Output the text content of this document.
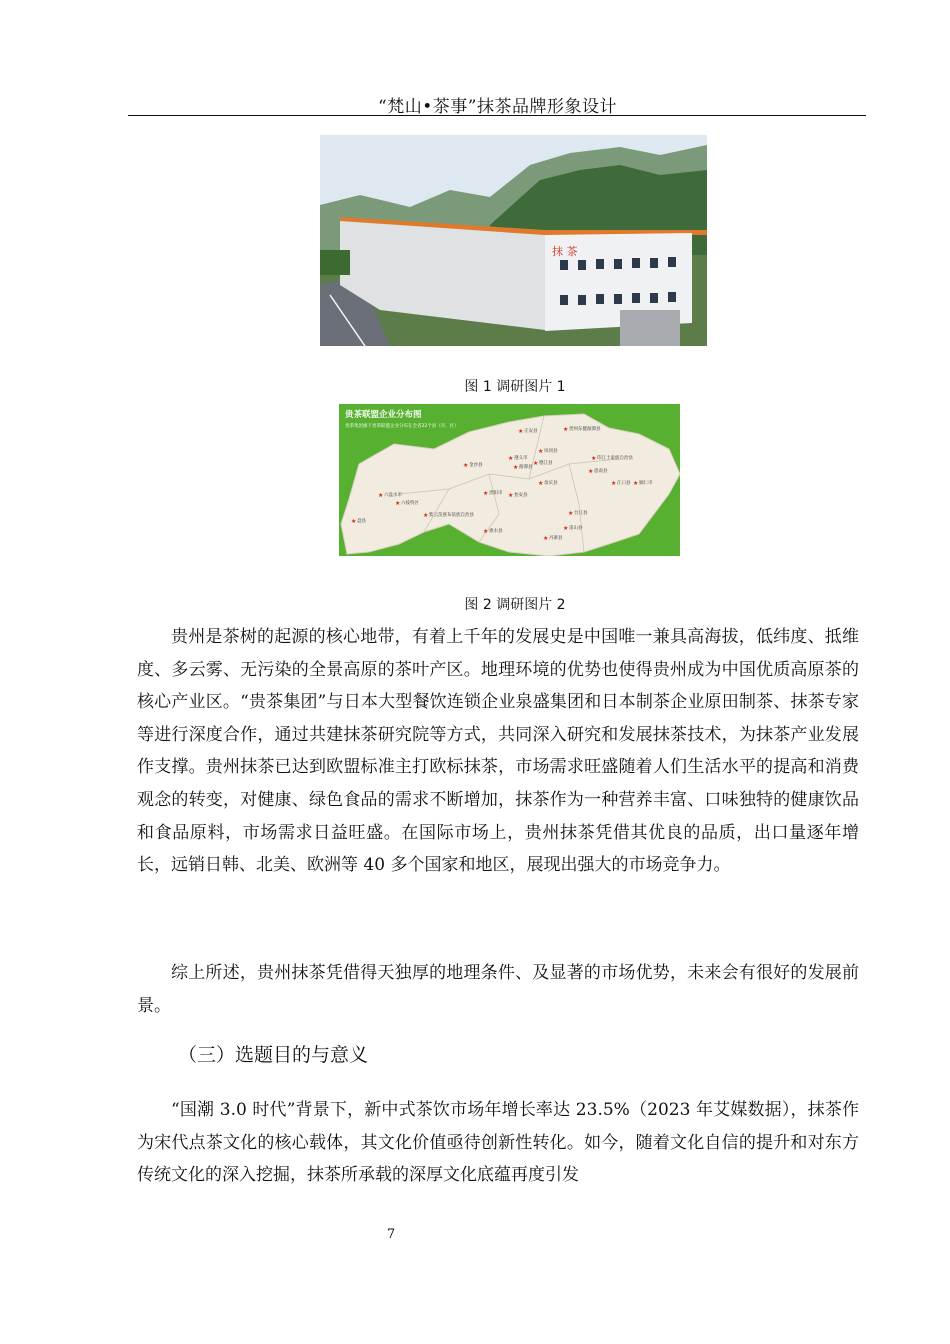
“梵山•茶事”抹茶品牌形象设计
抹 茶
图 1 调研图片 1
贵茶联盟企业分布图
贵茶集团旗下贵茶联盟企业分布在全省22个县（市、区）
★ 正安县	★ 贵州东健湄潭县
★ 德江县
★ 凤冈县
★ 印江土家族自治县
★ 思南县
★ 遵义市
★ 金沙县	★ 湄潭县
★ 江口县 ★ 铜仁市
★ 余庆县
★ 六盘水市	★ 贵阳市
★ 六枝特区
★ 紫云苗族布依族自治县
★ 惠水县
★ 台江县
★ 雷山县
★ 丹寨县
★ 盘县
★ 瓮安县
图 2 调研图片 2

贵州是茶树的起源的核心地带，有着上千年的发展史是中国唯一兼具高海拔，低纬度、抵维度、多云雾、无污染的全景高原的茶叶产区。地理环境的优势也使得贵州成为中国优质高原茶的核心产业区。“贵茶集团”与日本大型餐饮连锁企业泉盛集团和日本制茶企业原田制茶、抹茶专家等进行深度合作，通过共建抹茶研究院等方式，共同深入研究和发展抹茶技术，为抹茶产业发展作支撑。贵州抹茶已达到欧盟标准主打欧标抹茶，市场需求旺盛随着人们生活水平的提高和消费观念的转变，对健康、绿色食品的需求不断增加，抹茶作为一种营养丰富、口味独特的健康饮品和食品原料，市场需求日益旺盛。在国际市场上，贵州抹茶凭借其优良的品质，出口量逐年增长，远销日韩、北美、欧洲等 40 多个国家和地区，展现出强大的市场竞争力。

综上所述，贵州抹茶凭借得天独厚的地理条件、及显著的市场优势，未来会有很好的发展前景。

（三）选题目的与意义

“国潮 3.0 时代”背景下，新中式茶饮市场年增长率达 23.5%（2023 年艾媒数据），抹茶作为宋代点茶文化的核心载体，其文化价值亟待创新性转化。如今，随着文化自信的提升和对东方传统文化的深入挖掘，抹茶所承载的深厚文化底蕴再度引发

7
